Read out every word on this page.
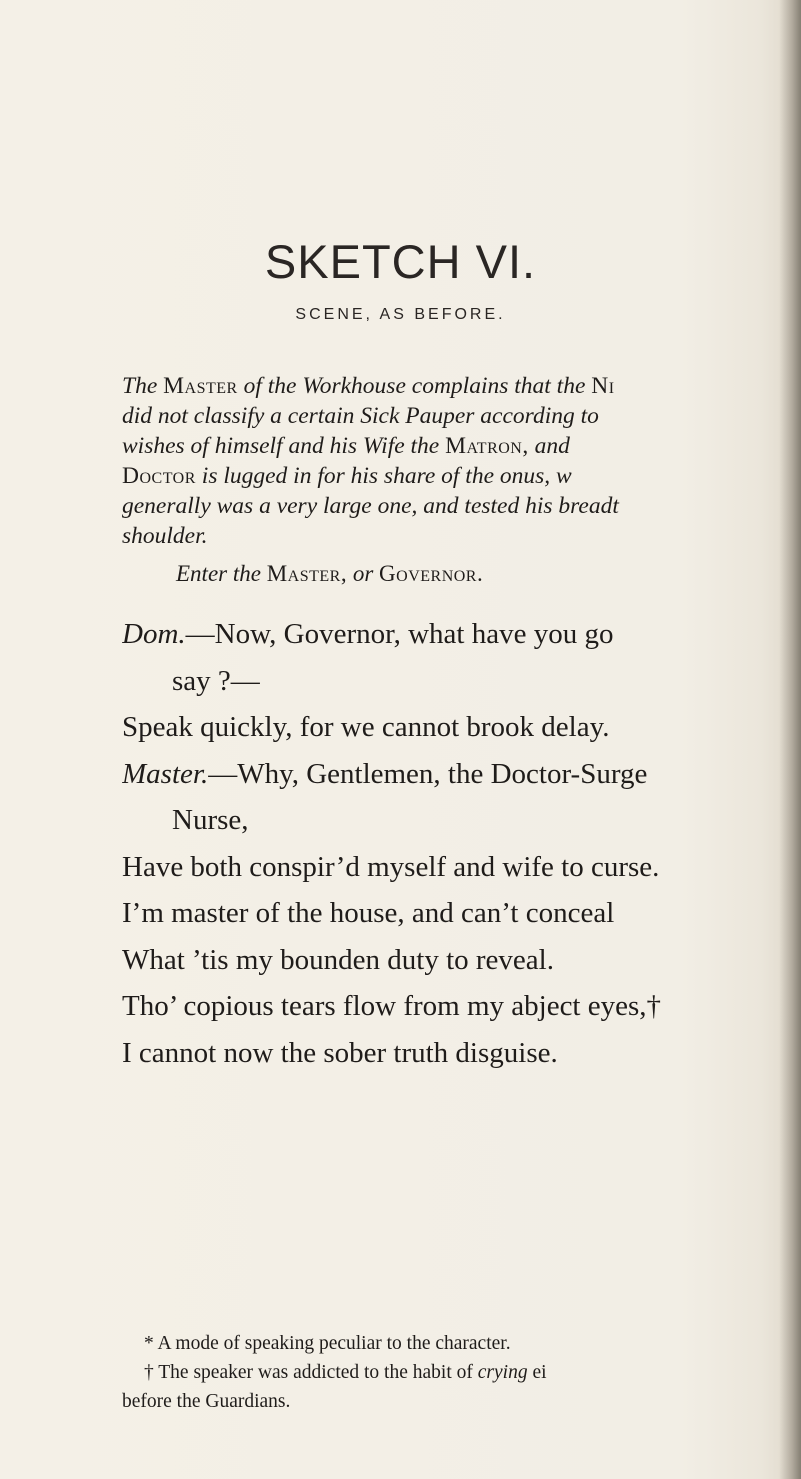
SKETCH VI.
SCENE, AS BEFORE.
The Master of the Workhouse complains that the Nı
did not classify a certain Sick Pauper according to
wishes of himself and his Wife the Matron, and
Doctor is lugged in for his share of the onus, w
generally was a very large one, and tested his breadt
shoulder.
Enter the Master, or Governor.
Dom.—Now, Governor, what have you go
say ?—
Speak quickly, for we cannot brook delay.
Master.—Why, Gentlemen, the Doctor-Surge
Nurse,
Have both conspir’d myself and wife to curse.
I’m master of the house, and can’t conceal
What ’tis my bounden duty to reveal.
Tho’ copious tears flow from my abject eyes,†
I cannot now the sober truth disguise.
* A mode of speaking peculiar to the character.
† The speaker was addicted to the habit of crying ei
before the Guardians.
